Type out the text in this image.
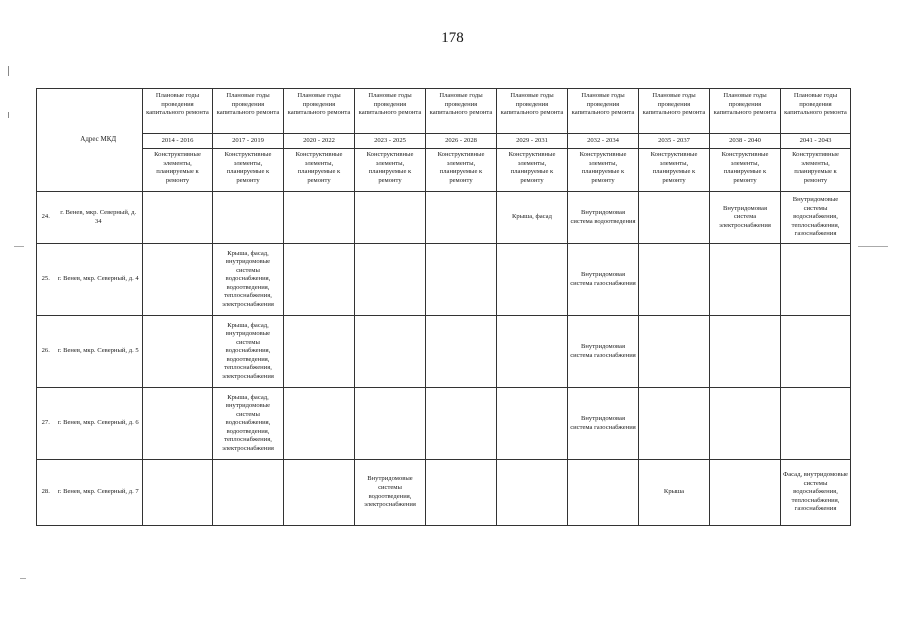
178
	Адрес МКД	Плановые годы проведения капитального ремонта	Плановые годы проведения капитального ремонта	Плановые годы проведения капитального ремонта	Плановые годы проведения капитального ремонта	Плановые годы проведения капитального ремонта	Плановые годы проведения капитального ремонта	Плановые годы проведения капитального ремонта	Плановые годы проведения капитального ремонта	Плановые годы проведения капитального ремонта	Плановые годы проведения капитального ремонта
		2014 - 2016	2017 - 2019	2020 - 2022	2023 - 2025	2026 - 2028	2029 - 2031	2032 - 2034	2035 - 2037	2038 - 2040	2041 - 2043
		Конструктивные элементы, планируемые к ремонту	Конструктивные элементы, планируемые к ремонту	Конструктивные элементы, планируемые к ремонту	Конструктивные элементы, планируемые к ремонту	Конструктивные элементы, планируемые к ремонту	Конструктивные элементы, планируемые к ремонту	Конструктивные элементы, планируемые к ремонту	Конструктивные элементы, планируемые к ремонту	Конструктивные элементы, планируемые к ремонту	Конструктивные элементы, планируемые к ремонту
24.	г. Венев, мкр. Северный, д. 34						Крыша, фасад	Внутридомовая система водоотведения		Внутридомовая система электроснабжения	Внутридомовые системы водоснабжения, теплоснабжения, газоснабжения
25.	г. Венев, мкр. Северный, д. 4		Крыша, фасад, внутридомовые системы водоснабжения, водоотведения, теплоснабжения, электроснабжения					Внутридомовая система газоснабжения			
26.	г. Венев, мкр. Северный, д. 5		Крыша, фасад, внутридомовые системы водоснабжения, водоотведения, теплоснабжения, электроснабжения					Внутридомовая система газоснабжения			
27.	г. Венев, мкр. Северный, д. 6		Крыша, фасад, внутридомовые системы водоснабжения, водоотведения, теплоснабжения, электроснабжения					Внутридомовая система газоснабжения			
28.	г. Венев, мкр. Северный, д. 7				Внутридомовые системы водоотведения, электроснабжения				Крыша		Фасад, внутридомовые системы водоснабжения, теплоснабжения, газоснабжения
